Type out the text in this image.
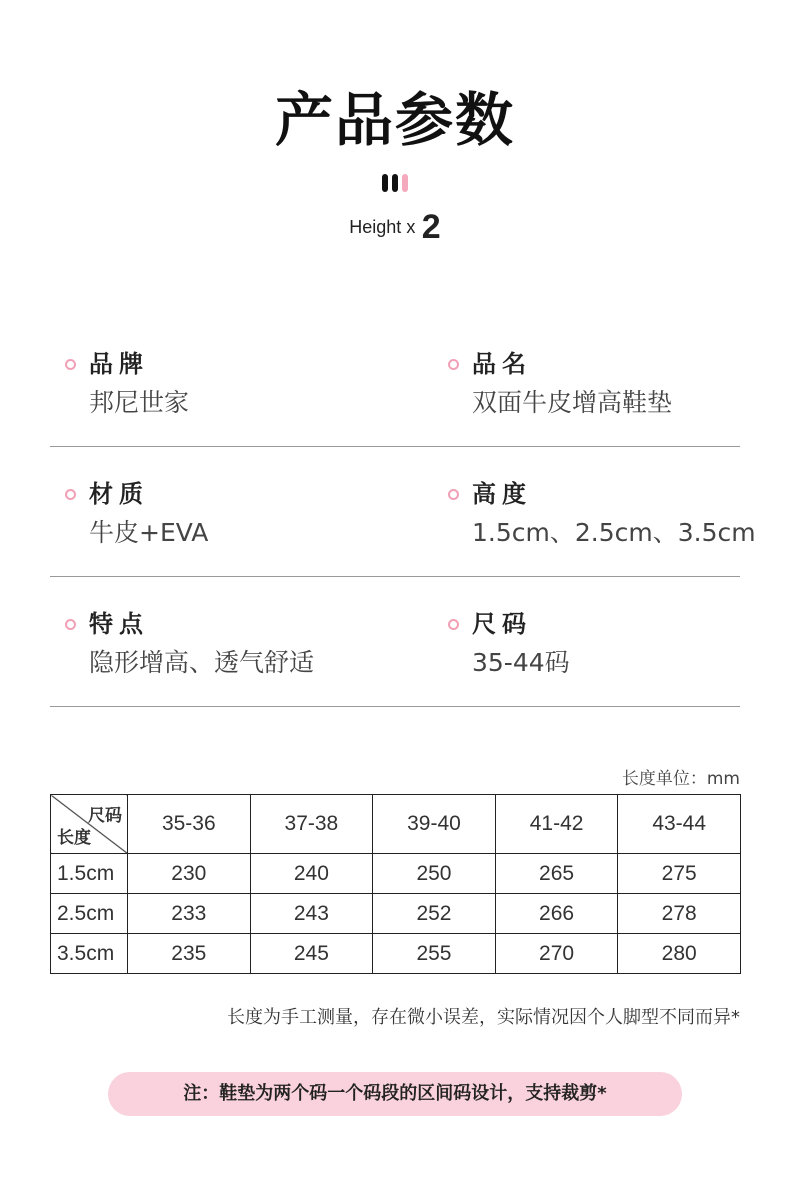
产品参数
Height x 2
品牌
邦尼世家
品名
双面牛皮增高鞋垫
材质
牛皮+EVA
高度
1.5cm、2.5cm、3.5cm
特点
隐形增高、透气舒适
尺码
35-44码
长度单位：mm
尺码
长度	35-36	37-38	39-40	41-42	43-44
1.5cm	230	240	250	265	275
2.5cm	233	243	252	266	278
3.5cm	235	245	255	270	280
长度为手工测量，存在微小误差，实际情况因个人脚型不同而异*
注：鞋垫为两个码一个码段的区间码设计，支持裁剪*
